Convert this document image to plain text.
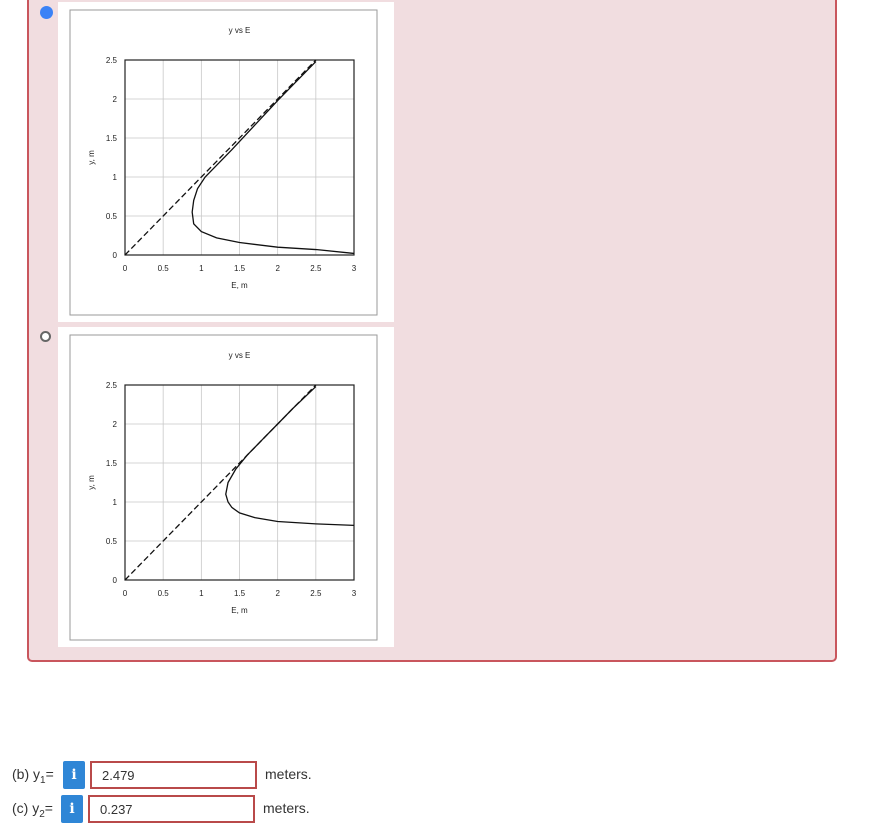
y vs E
0	0.5	1	1.5	2	2.5	3
0
0.5
1
1.5
2
2.5
E, m
y, m
y vs E
0	0.5	1	1.5	2	2.5	3
0
0.5
1
1.5
2
2.5
E, m
y, m
(b) $y_1=$	i
2.479	meters.
(c) $y_2=$	i
0.237	meters.
